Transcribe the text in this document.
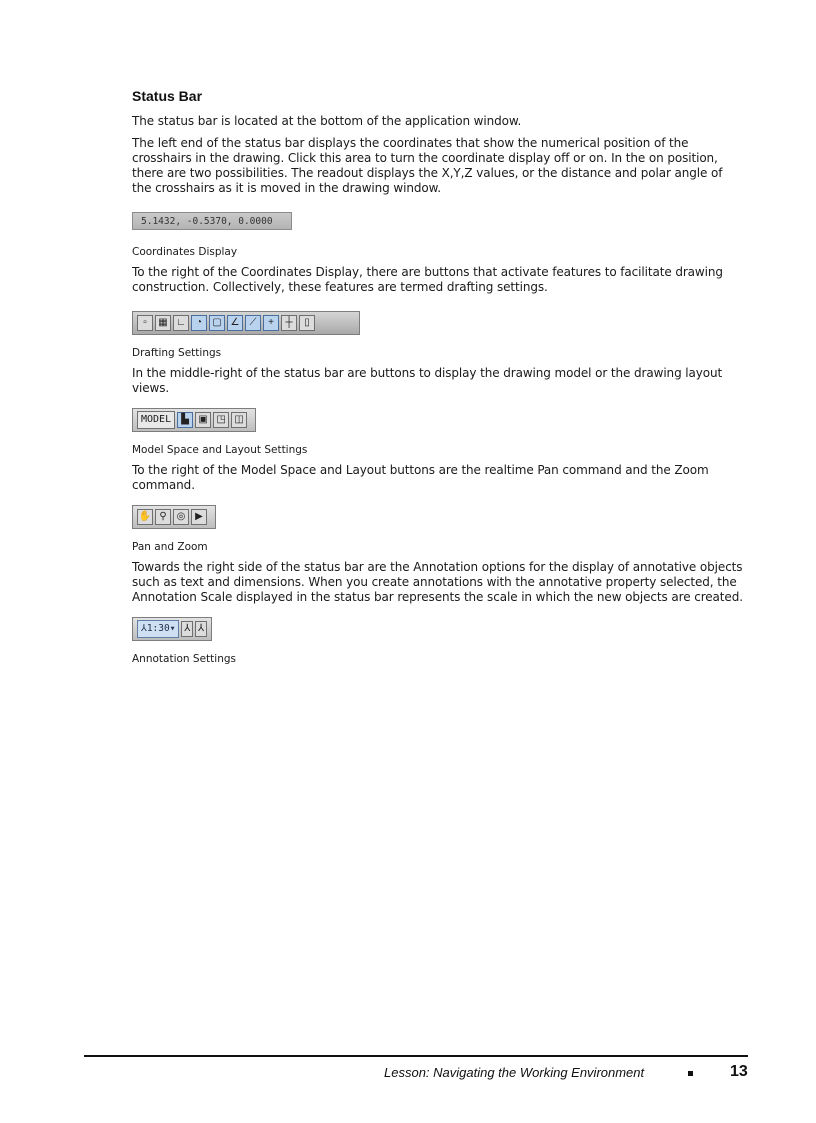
Status Bar

The status bar is located at the bottom of the application window.

The left end of the status bar displays the coordinates that show the numerical position of the crosshairs in the drawing. Click this area to turn the coordinate display off or on. In the on position, there are two possibilities. The readout displays the X,Y,Z values, or the distance and polar angle of the crosshairs as it is moved in the drawing window.

5.1432, -0.5370, 0.0000
Coordinates Display

To the right of the Coordinates Display, there are buttons that activate features to facilitate drawing construction. Collectively, these features are termed drafting settings.

▫	▦ ∟	◔	▢ ∠	⟋	+	┼	▯
Drafting Settings

In the middle-right of the status bar are buttons to display the drawing model or the drawing layout views.

MODEL	▙ ▣ ◳ ◫
Model Space and Layout Settings

To the right of the Model Space and Layout buttons are the realtime Pan command and the Zoom command.

✋ ⚲ ◎ ▶
Pan and Zoom

Towards the right side of the status bar are the Annotation options for the display of annotative objects such as text and dimensions. When you create annotations with the annotative property selected, the Annotation Scale displayed in the status bar represents the scale in which the new objects are created.

⅄1:30▾ ⅄ ⅄
Annotation Settings
Lesson: Navigating the Working Environment	13
